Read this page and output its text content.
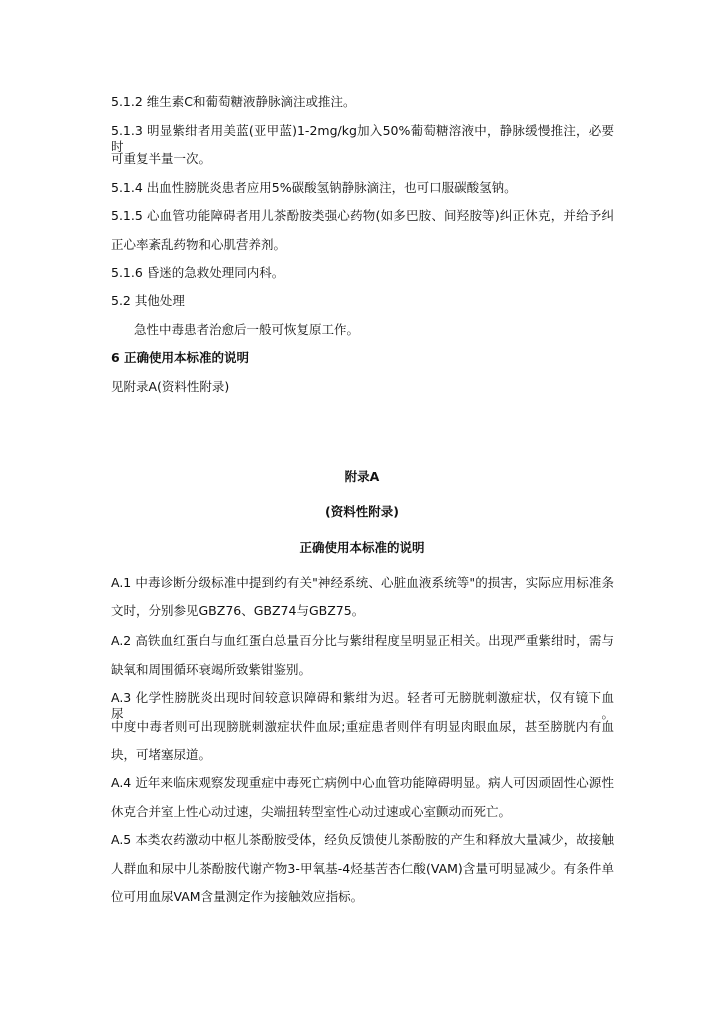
5.1.2 维生素C和葡萄糖液静脉滴注或推注。

5.1.3 明显紫绀者用美蓝(亚甲蓝)1-2mg/kg加入50%葡萄糖溶液中，静脉缓慢推注，必要时

可重复半量一次。

5.1.4 出血性膀胱炎患者应用5%碳酸氢钠静脉滴注，也可口服碳酸氢钠。

5.1.5 心血管功能障碍者用儿茶酚胺类强心药物(如多巴胺、间羟胺等)纠正休克，并给予纠

正心率紊乱药物和心肌营养剂。

5.1.6 昏迷的急救处理同内科。

5.2 其他处理

急性中毒患者治愈后一般可恢复原工作。

6 正确使用本标准的说明

见附录A(资料性附录)

附录A

(资料性附录)

正确使用本标准的说明

A.1 中毒诊断分级标准中提到约有关"神经系统、心脏血液系统等"的损害，实际应用标准条

文时，分别参见GBZ76、GBZ74与GBZ75。

A.2 高铁血红蛋白与血红蛋白总量百分比与紫绀程度呈明显正相关。出现严重紫绀时，需与

缺氧和周围循环衰竭所致紫钳鉴别。

A.3 化学性膀胱炎出现时间较意识障碍和紫绀为迟。轻者可无膀胱刺激症状，仅有镜下血尿。

中度中毒者则可出现膀胱刺激症状件血尿;重症患者则伴有明显肉眼血尿，甚至膀胱内有血

块，可堵塞尿道。

A.4 近年来临床观察发现重症中毒死亡病例中心血管功能障碍明显。病人可因顽固性心源性

休克合并室上性心动过速，尖端扭转型室性心动过速或心室颤动而死亡。

A.5 本类农药激动中枢儿茶酚胺受体，经负反馈使儿茶酚胺的产生和释放大量减少，故接触

人群血和尿中儿茶酚胺代谢产物3-甲氧基-4烃基苦杏仁酸(VAM)含量可明显减少。有条件单

位可用血尿VAM含量测定作为接触效应指标。
